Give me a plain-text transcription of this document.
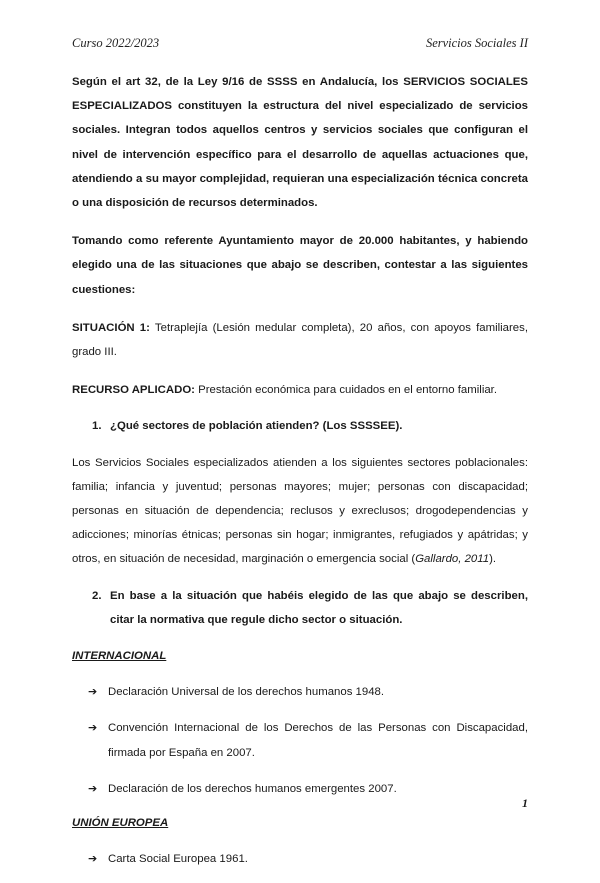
Curso 2022/2023	Servicios Sociales II

Según el art 32, de la Ley 9/16 de SSSS en Andalucía, los SERVICIOS SOCIALES ESPECIALIZADOS constituyen la estructura del nivel especializado de servicios sociales. Integran todos aquellos centros y servicios sociales que configuran el nivel de intervención específico para el desarrollo de aquellas actuaciones que, atendiendo a su mayor complejidad, requieran una especialización técnica concreta o una disposición de recursos determinados.

Tomando como referente Ayuntamiento mayor de 20.000 habitantes, y habiendo elegido una de las situaciones que abajo se describen, contestar a las siguientes cuestiones:

SITUACIÓN 1: Tetraplejía (Lesión medular completa), 20 años, con apoyos familiares, grado III.

RECURSO APLICADO: Prestación económica para cuidados en el entorno familiar.

1. ¿Qué sectores de población atienden? (Los SSSSEE).

Los Servicios Sociales especializados atienden a los siguientes sectores poblacionales: familia; infancia y juventud; personas mayores; mujer; personas con discapacidad; personas en situación de dependencia; reclusos y exreclusos; drogodependencias y adicciones; minorías étnicas; personas sin hogar; inmigrantes, refugiados y apátridas; y otros, en situación de necesidad, marginación o emergencia social (Gallardo, 2011).

2. En base a la situación que habéis elegido de las que abajo se describen, citar la normativa que regule dicho sector o situación.
INTERNACIONAL
➔ Declaración Universal de los derechos humanos 1948.
➔ Convención Internacional de los Derechos de las Personas con Discapacidad, firmada por España en 2007.
➔ Declaración de los derechos humanos emergentes 2007.
UNIÓN EUROPEA
➔ Carta Social Europea 1961.
1
